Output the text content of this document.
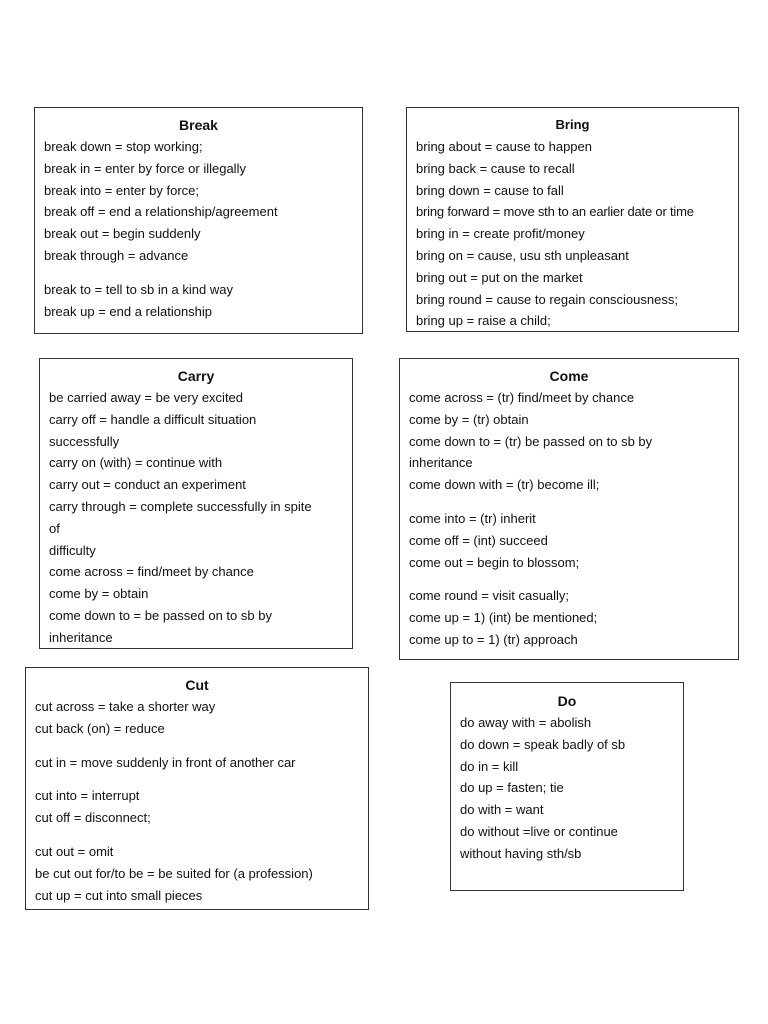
Break
break down = stop working;
break in = enter by force or illegally
break into = enter by force;
break off = end a relationship/agreement
break out = begin suddenly
break through = advance
break to = tell to sb in a kind way
break up = end a relationship
Bring
bring about = cause to happen
bring back = cause to recall
bring down = cause to fall
bring forward = move sth to an earlier date or time
bring in = create profit/money
bring on = cause, usu sth unpleasant
bring out = put on the market
bring round = cause to regain consciousness;
bring up = raise a child;
Carry
be carried away = be very excited
carry off = handle a difficult situation
successfully
carry on (with) = continue with
carry out = conduct an experiment
carry through = complete successfully in spite
of
difficulty
come across = find/meet by chance
come by = obtain
come down to = be passed on to sb by
inheritance
Come
come across = (tr) find/meet by chance
come by = (tr) obtain
come down to = (tr) be passed on to sb by
inheritance
come down with = (tr) become ill;
come into = (tr) inherit
come off = (int) succeed
come out = begin to blossom;
come round = visit casually;
come up = 1) (int) be mentioned;
come up to = 1) (tr) approach
Cut
cut across = take a shorter way
cut back (on) = reduce
cut in = move suddenly in front of another car
cut into = interrupt
cut off = disconnect;
cut out = omit
be cut out for/to be = be suited for (a profession)
cut up = cut into small pieces
Do
do away with = abolish
do down = speak badly of sb
do in = kill
do up = fasten; tie
do with = want
do without =live or continue
without having sth/sb
